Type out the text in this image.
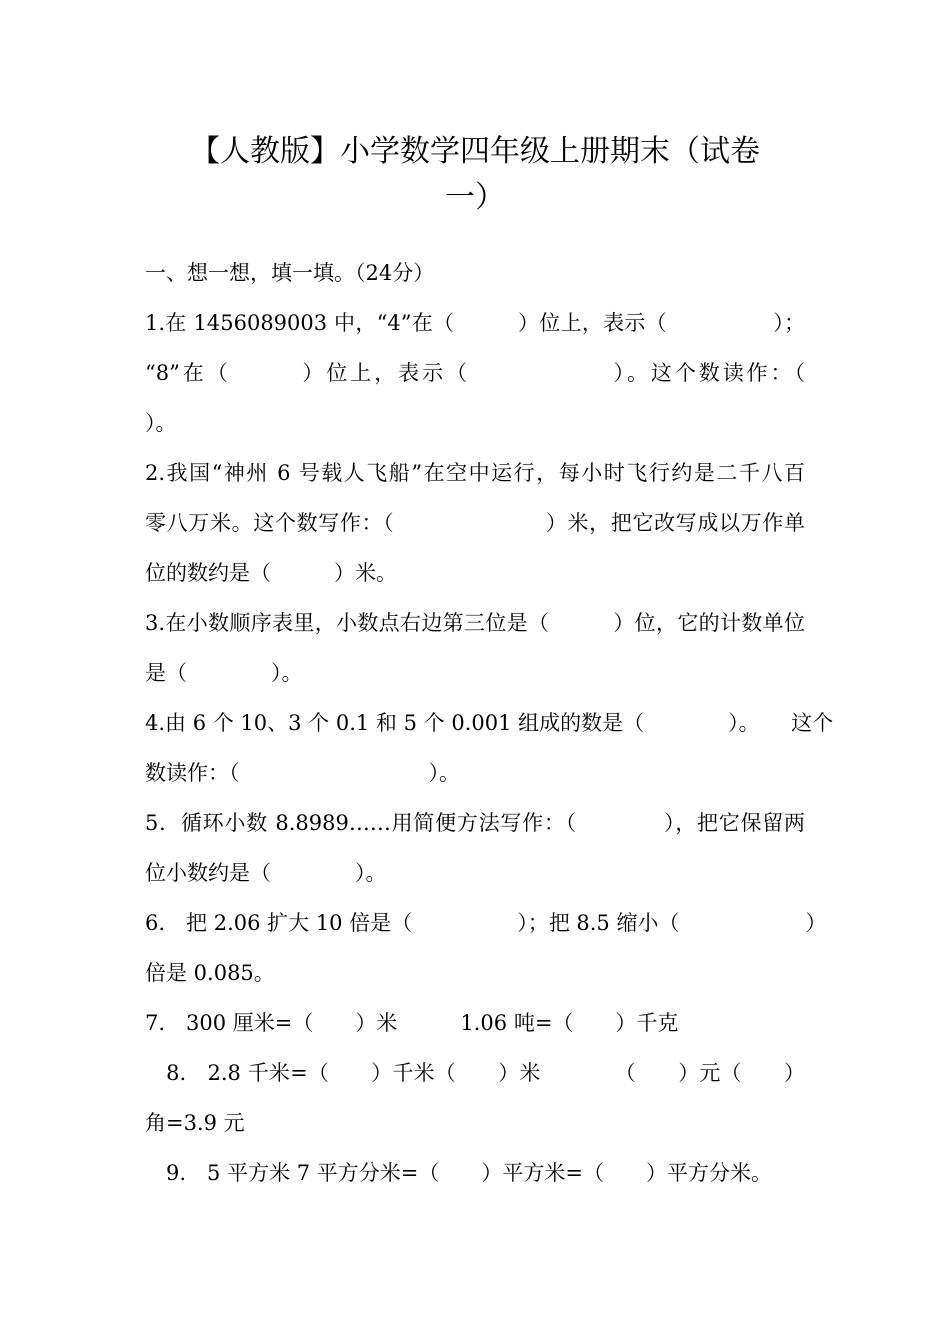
【人教版】小学数学四年级上册期末（试卷
一）
一、想一想，填一填。（24分）
1.在 1456089003 中，“4”在（　　　）位上，表示（　　　　　）；
“8”在（　　　）位上，表示（　　　　　　）。这个数读作：（
）。
2.我国“神州 6 号载人飞船”在空中运行，每小时飞行约是二千八百
零八万米。这个数写作：（　　　　　　　）米，把它改写成以万作单
位的数约是（　　　）米。
3.在小数顺序表里，小数点右边第三位是（　　　）位，它的计数单位
是（　　　　）。
4.由 6 个 10、3 个 0.1 和 5 个 0.001 组成的数是（　　　　）。　　这个
数读作：（　　　　　　　　　）。
5．循环小数 8.8989……用简便方法写作：（　　　　），把它保留两
位小数约是（　　　　）。
6.　把 2.06 扩大 10 倍是（　　　　　）；把 8.5 缩小（　　　　　　）
倍是 0.085。
7.　300 厘米=（　　）米　　　1.06 吨=（　　）千克
　8.　2.8 千米=（　　）千米（　　）米　　　　（　　）元（　　）
角=3.9 元
　9.　5 平方米 7 平方分米=（　　）平方米=（　　）平方分米。
